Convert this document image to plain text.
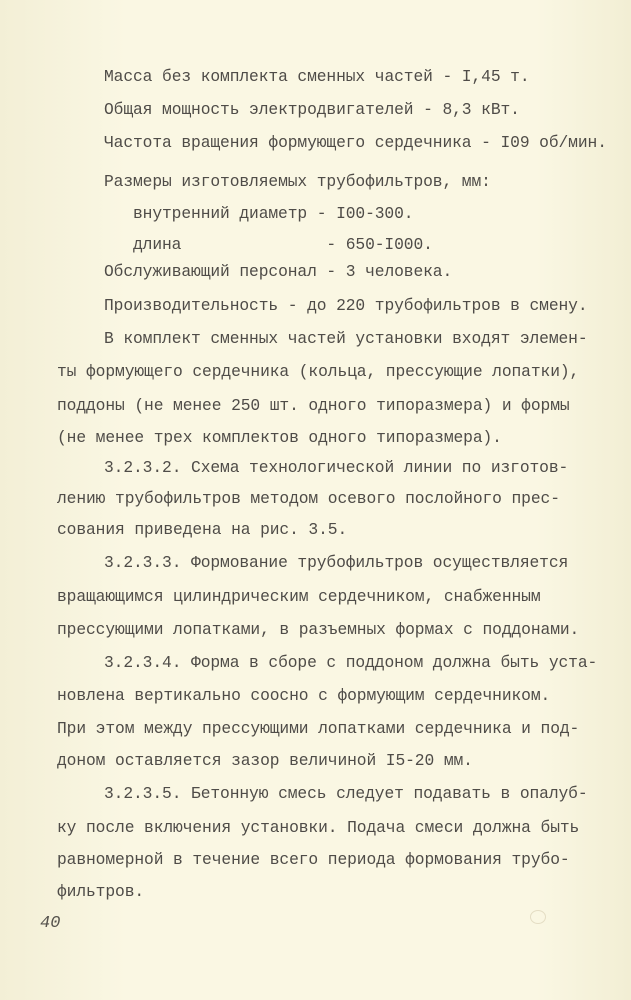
Масса без комплекта сменных частей - I,45 т.
Общая мощность электродвигателей - 8,3 кВт.
Частота вращения формующего сердечника - I09 об/мин.
Размеры изготовляемых трубофильтров, мм:
внутренний диаметр - I00-300.
длина               - 650-I000.
Обслуживающий персонал - 3 человека.
Производительность - до 220 трубофильтров в смену.
В комплект сменных частей установки входят элемен-
ты формующего сердечника (кольца, прессующие лопатки),
поддоны (не менее 250 шт. одного типоразмера) и формы
(не менее трех комплектов одного типоразмера).
3.2.3.2. Схема технологической линии по изготов-
лению трубофильтров методом осевого послойного прес-
сования приведена на рис. 3.5.
3.2.3.3. Формование трубофильтров осуществляется
вращающимся цилиндрическим сердечником, снабженным
прессующими лопатками, в разъемных формах с поддонами.
3.2.3.4. Форма в сборе с поддоном должна быть уста-
новлена вертикально соосно с формующим сердечником.
При этом между прессующими лопатками сердечника и под-
доном оставляется зазор величиной I5-20 мм.
3.2.3.5. Бетонную смесь следует подавать в опалуб-
ку после включения установки. Подача смеси должна быть
равномерной в течение всего периода формования трубо-
фильтров.
40
